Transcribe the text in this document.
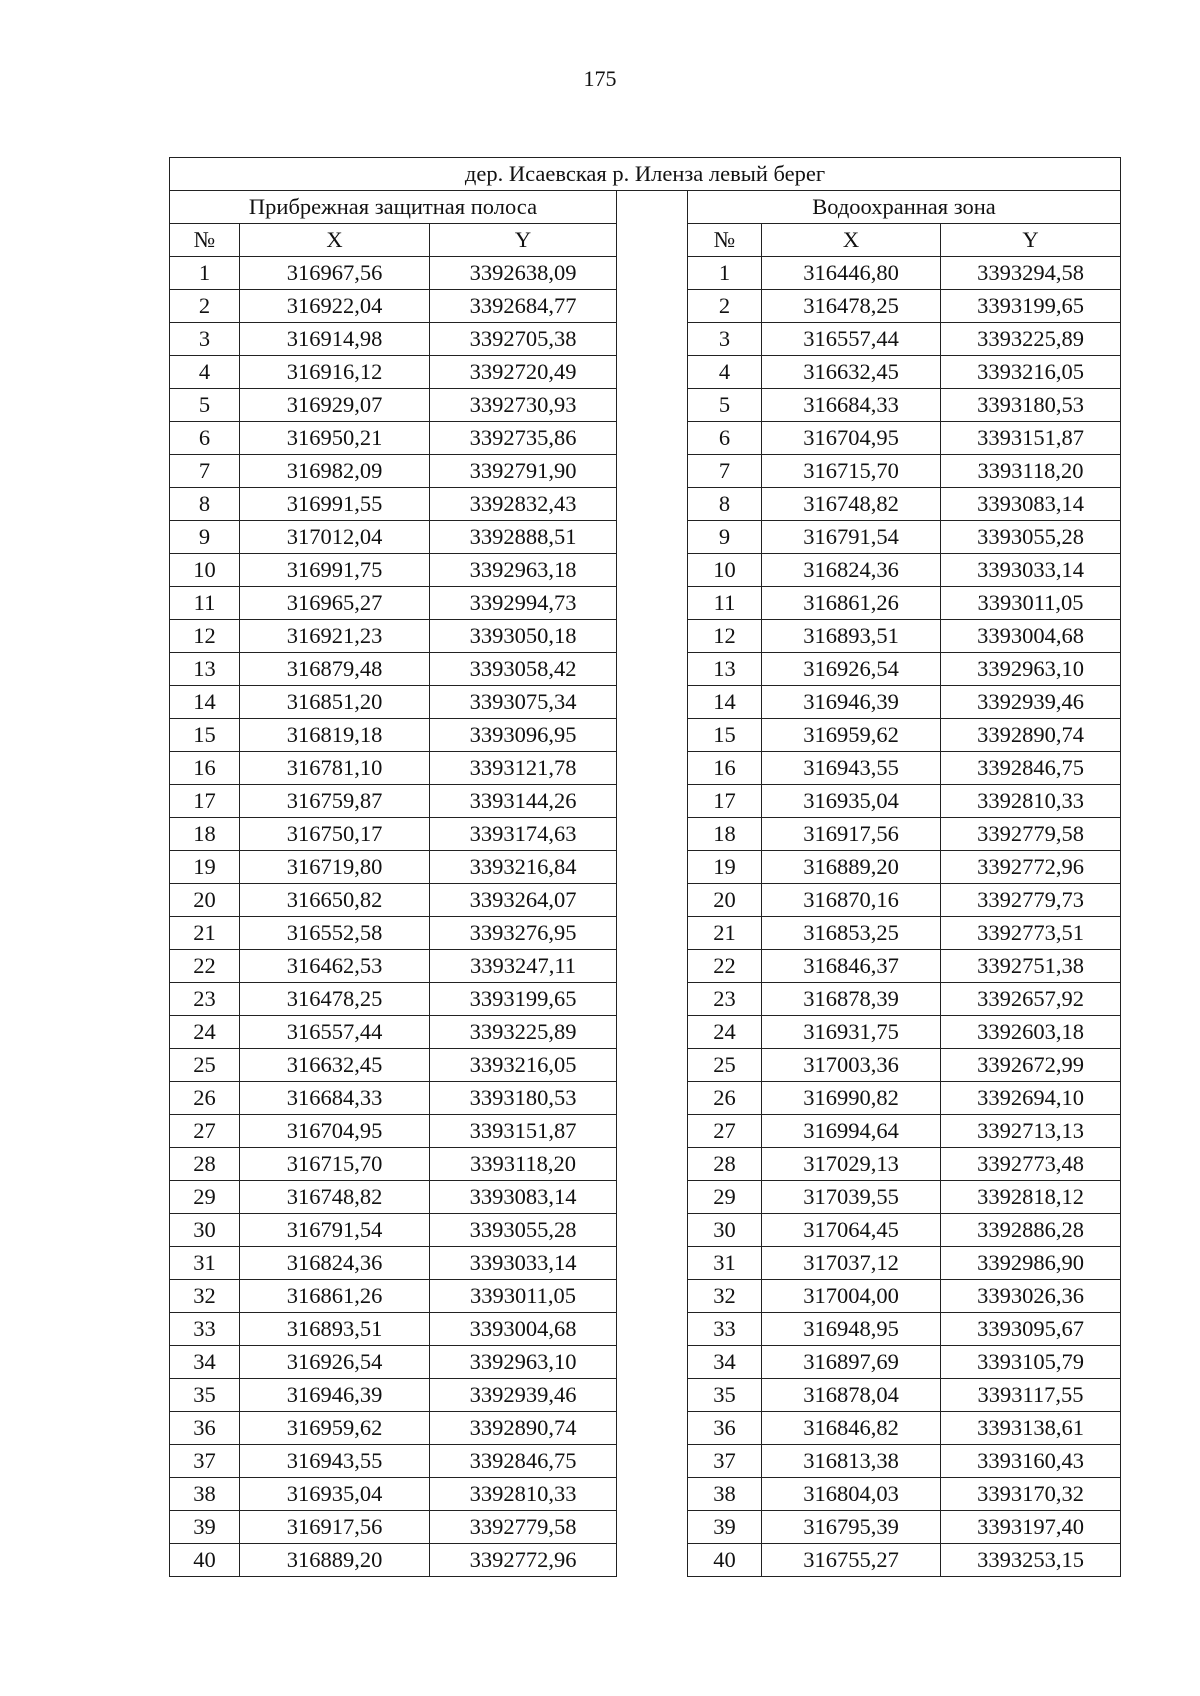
175
дер. Исаевская р. Иленза левый берег						
Прибрежная защитная полоса				Водоохранная зона		
№	X	Y		№	X	Y
1	316967,56	3392638,09		1	316446,80	3393294,58
2	316922,04	3392684,77		2	316478,25	3393199,65
3	316914,98	3392705,38		3	316557,44	3393225,89
4	316916,12	3392720,49		4	316632,45	3393216,05
5	316929,07	3392730,93		5	316684,33	3393180,53
6	316950,21	3392735,86		6	316704,95	3393151,87
7	316982,09	3392791,90		7	316715,70	3393118,20
8	316991,55	3392832,43		8	316748,82	3393083,14
9	317012,04	3392888,51		9	316791,54	3393055,28
10	316991,75	3392963,18		10	316824,36	3393033,14
11	316965,27	3392994,73		11	316861,26	3393011,05
12	316921,23	3393050,18		12	316893,51	3393004,68
13	316879,48	3393058,42		13	316926,54	3392963,10
14	316851,20	3393075,34		14	316946,39	3392939,46
15	316819,18	3393096,95		15	316959,62	3392890,74
16	316781,10	3393121,78		16	316943,55	3392846,75
17	316759,87	3393144,26		17	316935,04	3392810,33
18	316750,17	3393174,63		18	316917,56	3392779,58
19	316719,80	3393216,84		19	316889,20	3392772,96
20	316650,82	3393264,07		20	316870,16	3392779,73
21	316552,58	3393276,95		21	316853,25	3392773,51
22	316462,53	3393247,11		22	316846,37	3392751,38
23	316478,25	3393199,65		23	316878,39	3392657,92
24	316557,44	3393225,89		24	316931,75	3392603,18
25	316632,45	3393216,05		25	317003,36	3392672,99
26	316684,33	3393180,53		26	316990,82	3392694,10
27	316704,95	3393151,87		27	316994,64	3392713,13
28	316715,70	3393118,20		28	317029,13	3392773,48
29	316748,82	3393083,14		29	317039,55	3392818,12
30	316791,54	3393055,28		30	317064,45	3392886,28
31	316824,36	3393033,14		31	317037,12	3392986,90
32	316861,26	3393011,05		32	317004,00	3393026,36
33	316893,51	3393004,68		33	316948,95	3393095,67
34	316926,54	3392963,10		34	316897,69	3393105,79
35	316946,39	3392939,46		35	316878,04	3393117,55
36	316959,62	3392890,74		36	316846,82	3393138,61
37	316943,55	3392846,75		37	316813,38	3393160,43
38	316935,04	3392810,33		38	316804,03	3393170,32
39	316917,56	3392779,58		39	316795,39	3393197,40
40	316889,20	3392772,96		40	316755,27	3393253,15
